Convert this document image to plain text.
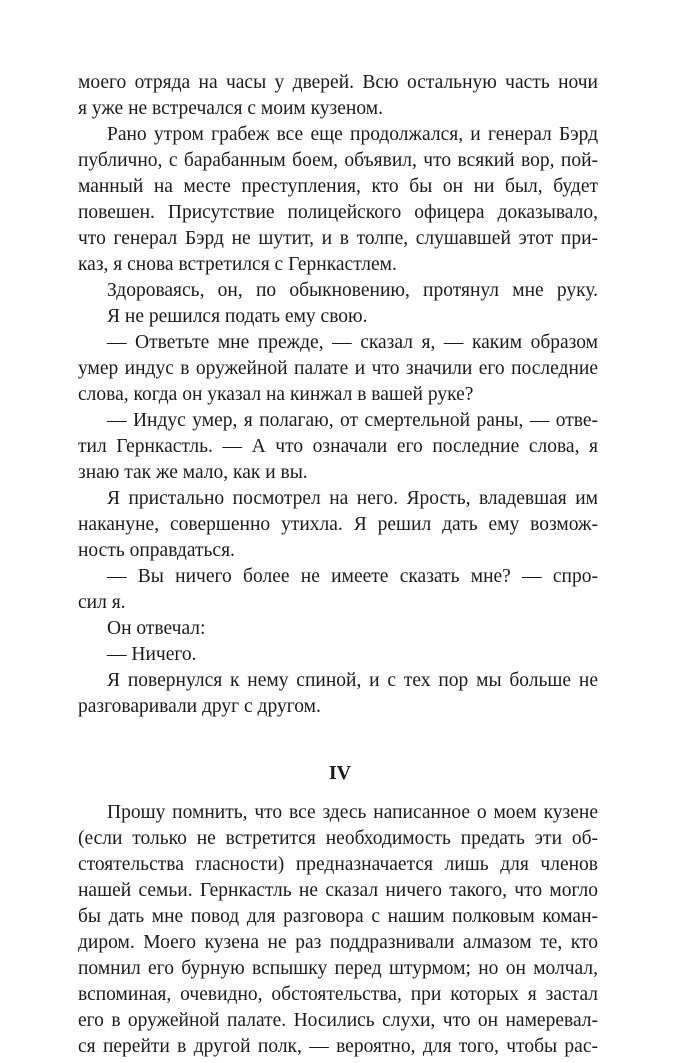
моего отряда на часы у дверей. Всю остальную часть ночи
я уже не встречался с моим кузеном.
Рано утром грабеж все еще продолжался, и генерал Бэрд
публично, с барабанным боем, объявил, что всякий вор, пой-
манный на месте преступления, кто бы он ни был, будет
повешен. Присутствие полицейского офицера доказывало,
что генерал Бэрд не шутит, и в толпе, слушавшей этот при-
каз, я снова встретился с Гернкастлем.
Здороваясь, он, по обыкновению, протянул мне руку.
Я не решился подать ему свою.
— Ответьте мне прежде, — сказал я, — каким образом
умер индус в оружейной палате и что значили его последние
слова, когда он указал на кинжал в вашей руке?
— Индус умер, я полагаю, от смертельной раны, — отве-
тил Гернкастль. — А что означали его последние слова, я
знаю так же мало, как и вы.
Я пристально посмотрел на него. Ярость, владевшая им
накануне, совершенно утихла. Я решил дать ему возмож-
ность оправдаться.
— Вы ничего более не имеете сказать мне? — спро-
сил я.
Он отвечал:
— Ничего.
Я повернулся к нему спиной, и с тех пор мы больше не
разговаривали друг с другом.
IV
Прошу помнить, что все здесь написанное о моем кузене
(если только не встретится необходимость предать эти об-
стоятельства гласности) предназначается лишь для членов
нашей семьи. Гернкастль не сказал ничего такого, что могло
бы дать мне повод для разговора с нашим полковым коман-
диром. Моего кузена не раз поддразнивали алмазом те, кто
помнил его бурную вспышку перед штурмом; но он молчал,
вспоминая, очевидно, обстоятельства, при которых я застал
его в оружейной палате. Носились слухи, что он намеревал-
ся перейти в другой полк, — вероятно, для того, чтобы рас-
